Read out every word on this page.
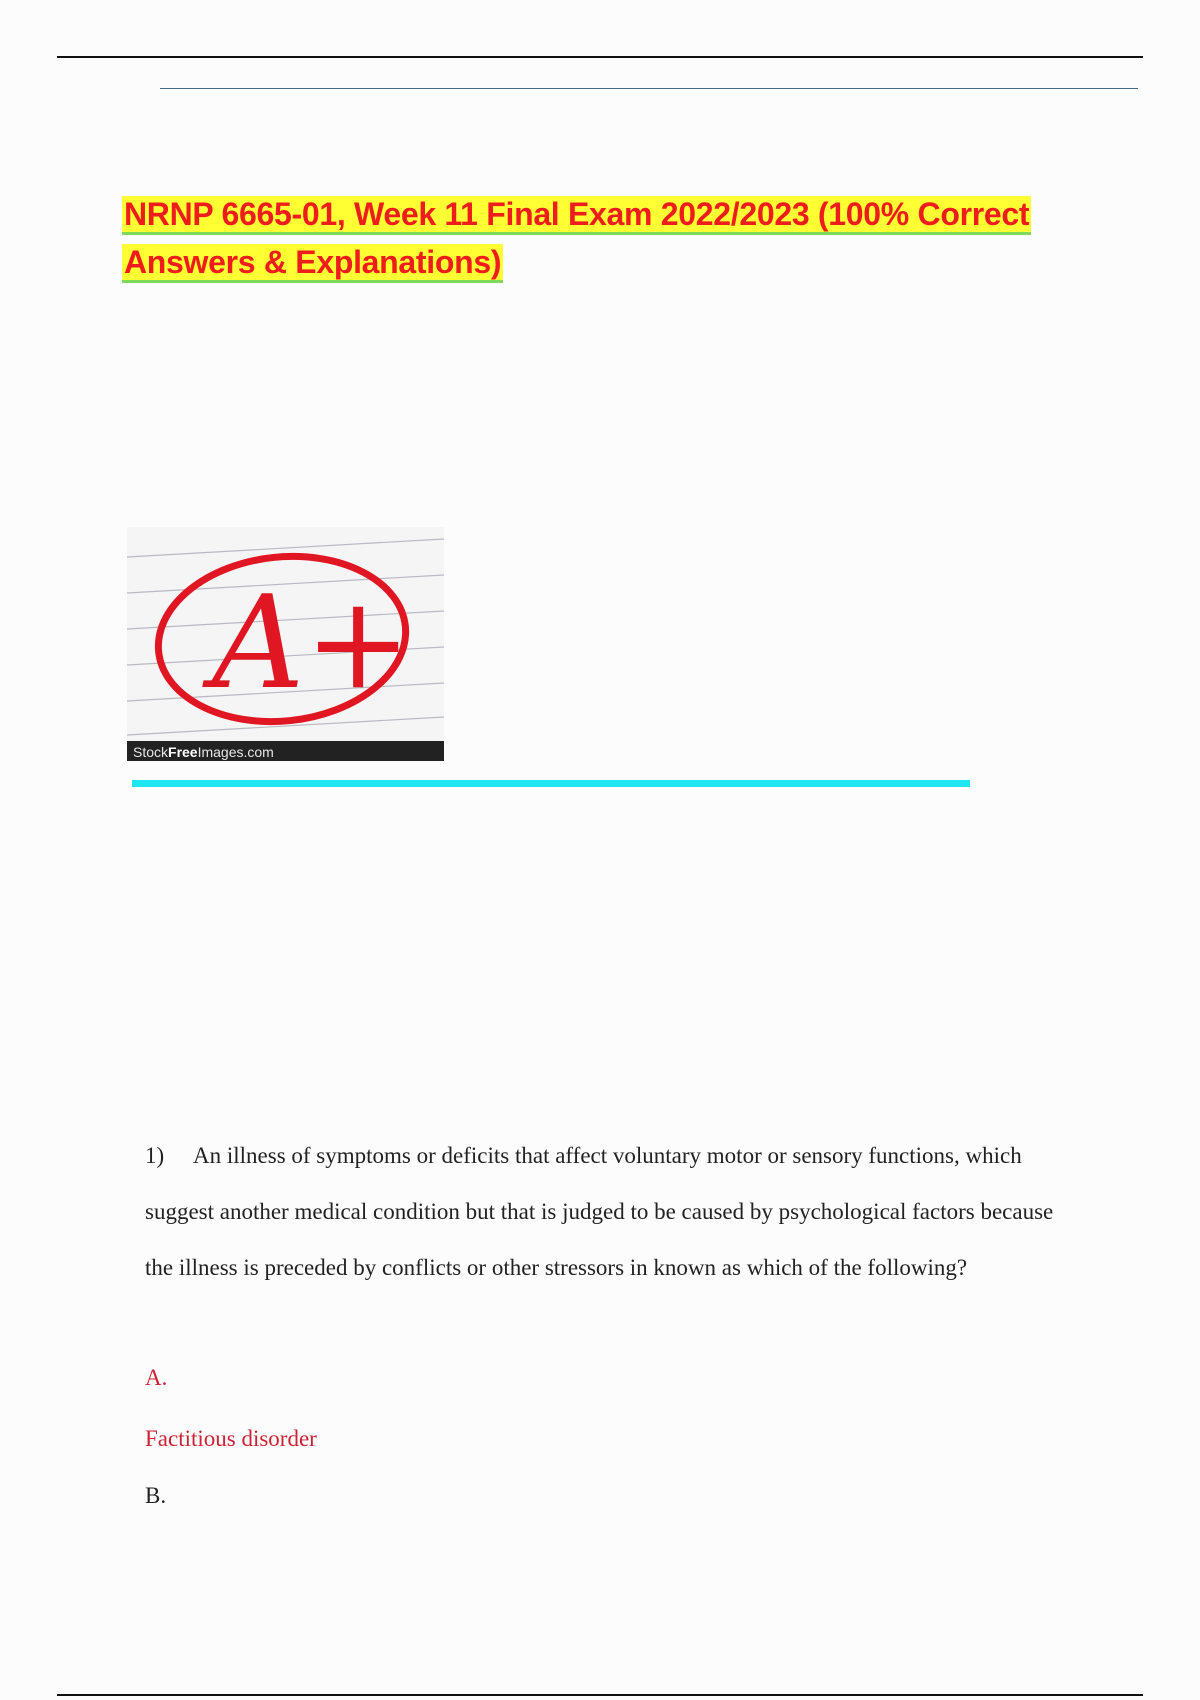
NRNP 6665-01, Week 11 Final Exam 2022/2023 (100% Correct
Answers & Explanations)
A+
StockFreeImages.com

1) An illness of symptoms or deficits that affect voluntary motor or sensory functions, which suggest another medical condition but that is judged to be caused by psychological factors because the illness is preceded by conflicts or other stressors in known as which of the following?

A.

Factitious disorder

B.
